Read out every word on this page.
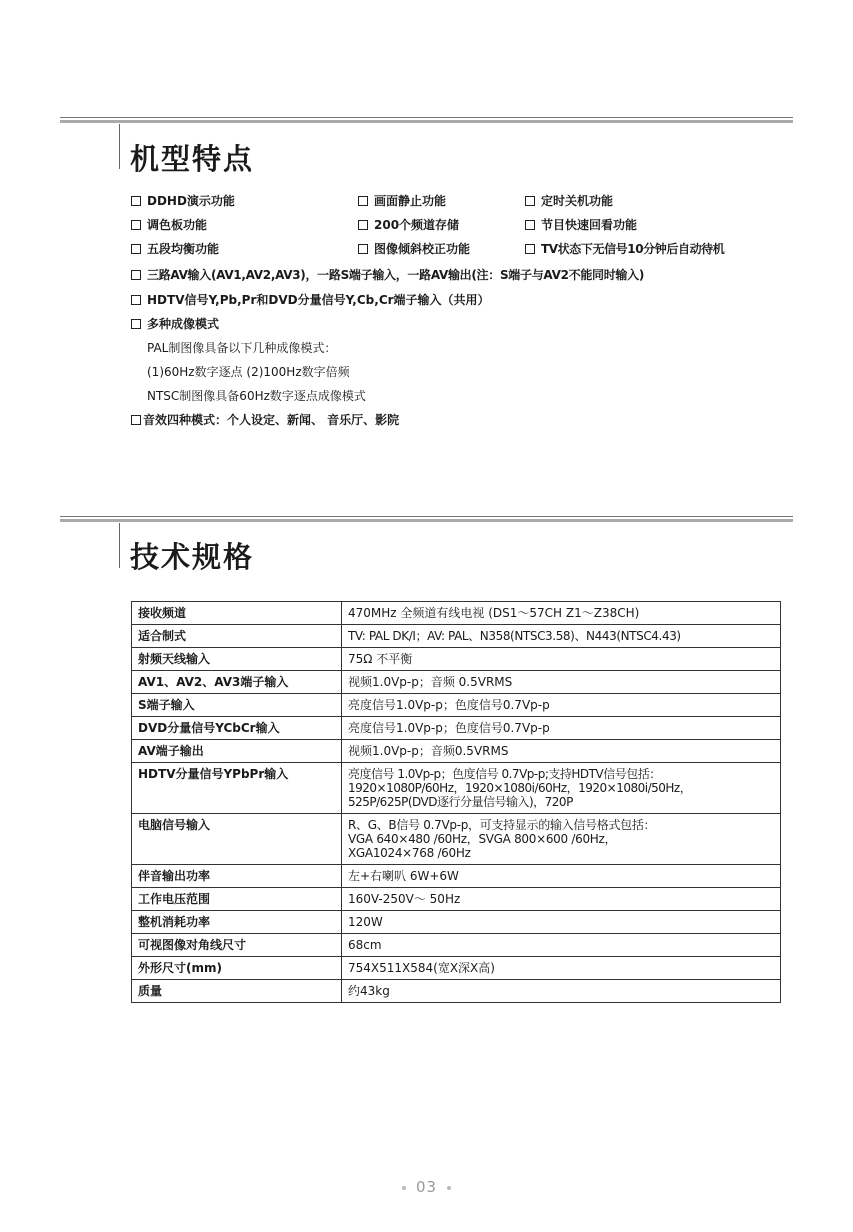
机型特点
DDHD演示功能	画面静止功能	定时关机功能
调色板功能	200个频道存储	节目快速回看功能
五段均衡功能	图像倾斜校正功能	TV状态下无信号10分钟后自动待机
三路AV输入(AV1,AV2,AV3)，一路S端子输入，一路AV输出(注：S端子与AV2不能同时输入)
HDTV信号Y,Pb,Pr和DVD分量信号Y,Cb,Cr端子输入（共用）
多种成像模式
PAL制图像具备以下几种成像模式：
(1)60Hz数字逐点 (2)100Hz数字倍频
NTSC制图像具备60Hz数字逐点成像模式
音效四种模式：个人设定、新闻、 音乐厅、影院
技术规格
接收频道	470MHz 全频道有线电视 (DS1～57CH Z1～Z38CH)
适合制式	TV: PAL DK/I；AV: PAL、N358(NTSC3.58)、N443(NTSC4.43)
射频天线输入	75Ω 不平衡
AV1、AV2、AV3端子输入	视频1.0Vp-p；音频 0.5VRMS
S端子输入	亮度信号1.0Vp-p；色度信号0.7Vp-p
DVD分量信号YCbCr输入	亮度信号1.0Vp-p；色度信号0.7Vp-p
AV端子输出	视频1.0Vp-p；音频0.5VRMS
HDTV分量信号YPbPr输入	亮度信号 1.0Vp-p；色度信号 0.7Vp-p;支持HDTV信号包括：
1920×1080P/60Hz，1920×1080i/60Hz，1920×1080i/50Hz，
525P/625P(DVD逐行分量信号输入)，720P
电脑信号输入	R、G、B信号 0.7Vp-p，可支持显示的输入信号格式包括：
VGA 640×480 /60Hz，SVGA 800×600 /60Hz，
XGA1024×768 /60Hz
伴音输出功率	左+右喇叭 6W+6W
工作电压范围	160V-250V～ 50Hz
整机消耗功率	120W
可视图像对角线尺寸	68cm
外形尺寸(mm)	754X511X584(宽X深X高)
质量	约43kg
03
